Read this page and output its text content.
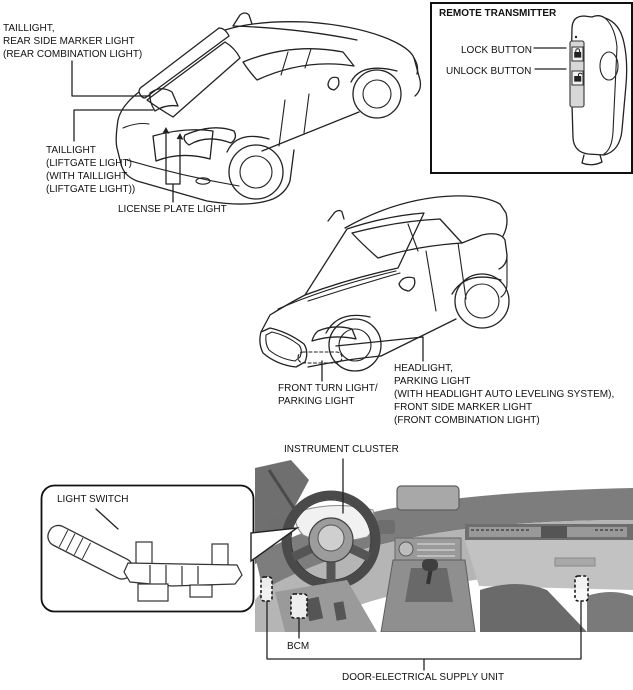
REMOTE TRANSMITTER
LOCK BUTTON
UNLOCK BUTTON
TAILLIGHT,
REAR SIDE MARKER LIGHT
(REAR COMBINATION LIGHT)
TAILLIGHT
(LIFTGATE LIGHT)
(WITH TAILLIGHT
(LIFTGATE LIGHT))
LICENSE PLATE LIGHT
FRONT TURN LIGHT/
PARKING LIGHT
HEADLIGHT,
PARKING LIGHT
(WITH HEADLIGHT AUTO LEVELING SYSTEM),
FRONT SIDE MARKER LIGHT
(FRONT COMBINATION LIGHT)
INSTRUMENT CLUSTER
LIGHT SWITCH
BCM
DOOR-ELECTRICAL SUPPLY UNIT
